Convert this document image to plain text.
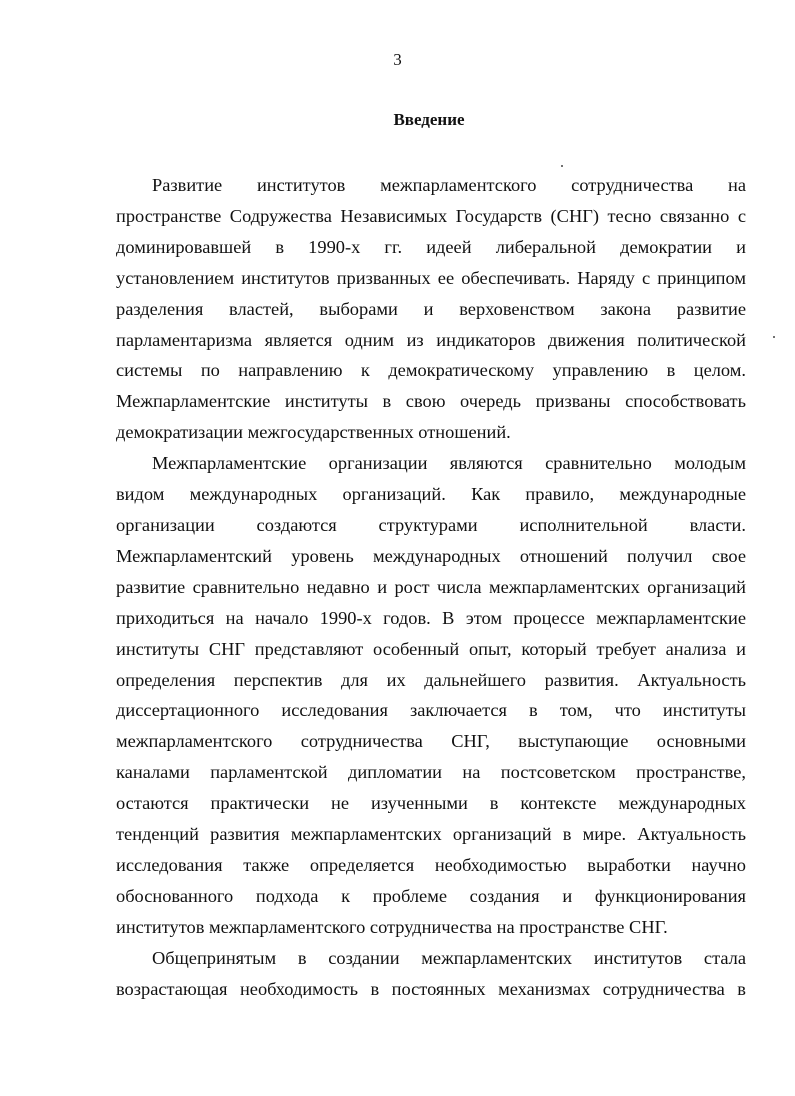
3
Введение
Развитие институтов межпарламентского сотрудничества на
пространстве Содружества Независимых Государств (СНГ) тесно связанно с
доминировавшей в 1990-х гг. идеей либеральной демократии и
установлением институтов призванных ее обеспечивать. Наряду с принципом
разделения властей, выборами и верховенством закона развитие
парламентаризма является одним из индикаторов движения политической
системы по направлению к демократическому управлению в целом.
Межпарламентские институты в свою очередь призваны способствовать
демократизации межгосударственных отношений.
Межпарламентские организации являются сравнительно молодым
видом международных организаций. Как правило, международные
организации создаются структурами исполнительной власти.
Межпарламентский уровень международных отношений получил свое
развитие сравнительно недавно и рост числа межпарламентских организаций
приходиться на начало 1990-х годов. В этом процессе межпарламентские
институты СНГ представляют особенный опыт, который требует анализа и
определения перспектив для их дальнейшего развития. Актуальность
диссертационного исследования заключается в том, что институты
межпарламентского сотрудничества СНГ, выступающие основными
каналами парламентской дипломатии на постсоветском пространстве,
остаются практически не изученными в контексте международных
тенденций развития межпарламентских организаций в мире. Актуальность
исследования также определяется необходимостью выработки научно
обоснованного подхода к проблеме создания и функционирования
институтов межпарламентского сотрудничества на пространстве СНГ.
Общепринятым в создании межпарламентских институтов стала
возрастающая необходимость в постоянных механизмах сотрудничества в
